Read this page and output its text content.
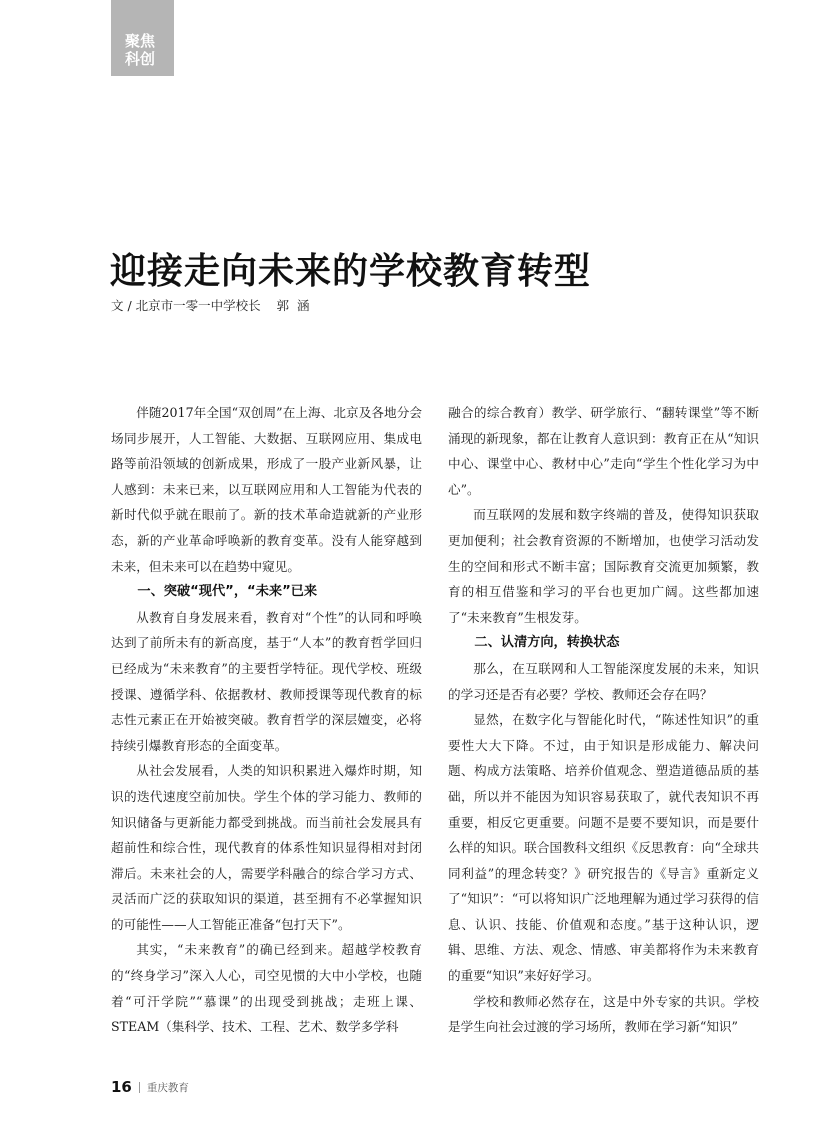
聚焦
科创
迎接走向未来的学校教育转型
文 / 北京市一零一中学校长    郭  涵

伴随2017年全国“双创周”在上海、北京及各地分会场同步展开，人工智能、大数据、互联网应用、集成电路等前沿领域的创新成果，形成了一股产业新风暴，让人感到：未来已来，以互联网应用和人工智能为代表的新时代似乎就在眼前了。新的技术革命造就新的产业形态，新的产业革命呼唤新的教育变革。没有人能穿越到未来，但未来可以在趋势中窥见。

一、突破“现代”，“未来”已来

从教育自身发展来看，教育对“个性”的认同和呼唤达到了前所未有的新高度，基于“人本”的教育哲学回归已经成为“未来教育”的主要哲学特征。现代学校、班级授课、遵循学科、依据教材、教师授课等现代教育的标志性元素正在开始被突破。教育哲学的深层嬗变，必将持续引爆教育形态的全面变革。

从社会发展看，人类的知识积累进入爆炸时期，知识的迭代速度空前加快。学生个体的学习能力、教师的知识储备与更新能力都受到挑战。而当前社会发展具有超前性和综合性，现代教育的体系性知识显得相对封闭滞后。未来社会的人，需要学科融合的综合学习方式、灵活而广泛的获取知识的渠道，甚至拥有不必掌握知识的可能性——人工智能正准备“包打天下”。

其实，“未来教育”的确已经到来。超越学校教育的“终身学习”深入人心，司空见惯的大中小学校，也随着“可汗学院”“慕课”的出现受到挑战；走班上课、STEAM（集科学、技术、工程、艺术、数学多学科

融合的综合教育）教学、研学旅行、“翻转课堂”等不断涌现的新现象，都在让教育人意识到：教育正在从“知识中心、课堂中心、教材中心”走向“学生个性化学习为中心”。

而互联网的发展和数字终端的普及，使得知识获取更加便利；社会教育资源的不断增加，也使学习活动发生的空间和形式不断丰富；国际教育交流更加频繁，教育的相互借鉴和学习的平台也更加广阔。这些都加速了“未来教育”生根发芽。

二、认清方向，转换状态

那么，在互联网和人工智能深度发展的未来，知识的学习还是否有必要？学校、教师还会存在吗？

显然，在数字化与智能化时代，“陈述性知识”的重要性大大下降。不过，由于知识是形成能力、解决问题、构成方法策略、培养价值观念、塑造道德品质的基础，所以并不能因为知识容易获取了，就代表知识不再重要，相反它更重要。问题不是要不要知识，而是要什么样的知识。联合国教科文组织《反思教育：向“全球共同利益”的理念转变？》研究报告的《导言》重新定义了“知识”：“可以将知识广泛地理解为通过学习获得的信息、认识、技能、价值观和态度。”基于这种认识，逻辑、思维、方法、观念、情感、审美都将作为未来教育的重要“知识”来好好学习。

学校和教师必然存在，这是中外专家的共识。学校是学生向社会过渡的学习场所，教师在学习新“知识”

16 重庆教育
